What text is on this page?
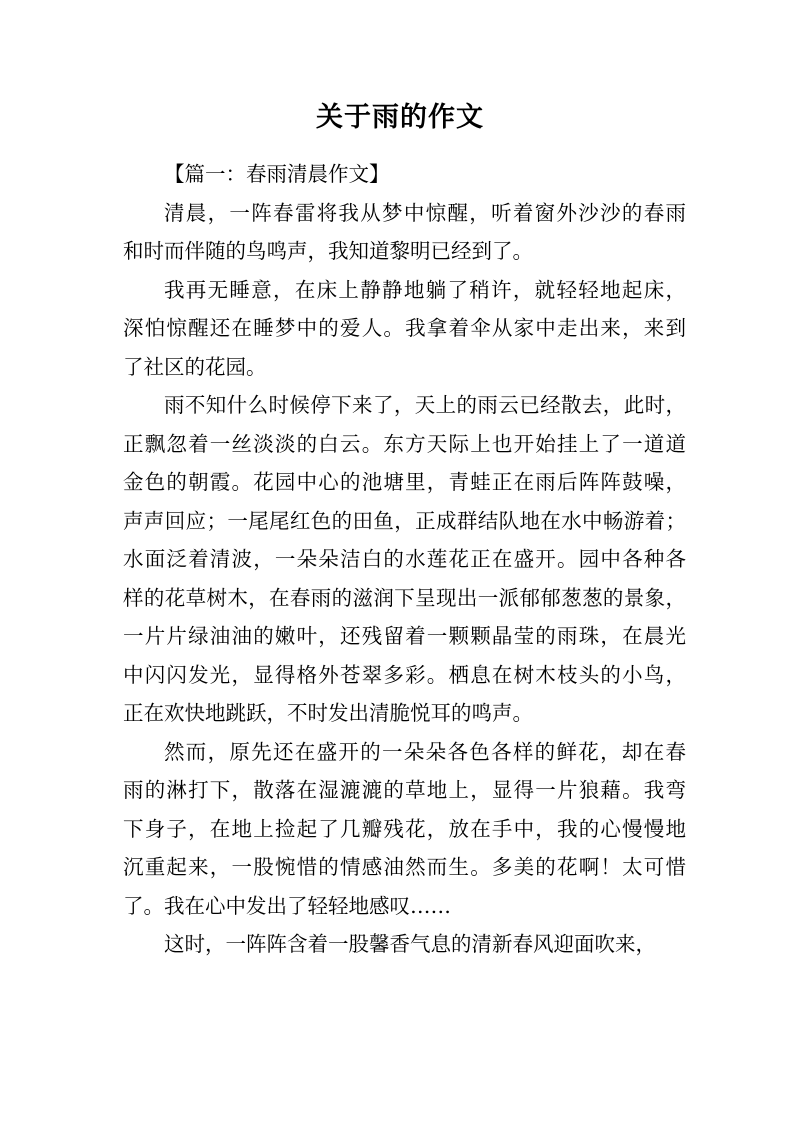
关于雨的作文

【篇一：春雨清晨作文】

清晨，一阵春雷将我从梦中惊醒，听着窗外沙沙的春雨
和时而伴随的鸟鸣声，我知道黎明已经到了。

我再无睡意，在床上静静地躺了稍许，就轻轻地起床，
深怕惊醒还在睡梦中的爱人。我拿着伞从家中走出来，来到
了社区的花园。

雨不知什么时候停下来了，天上的雨云已经散去，此时，
正飘忽着一丝淡淡的白云。东方天际上也开始挂上了一道道
金色的朝霞。花园中心的池塘里，青蛙正在雨后阵阵鼓噪，
声声回应；一尾尾红色的田鱼，正成群结队地在水中畅游着；
水面泛着清波，一朵朵洁白的水莲花正在盛开。园中各种各
样的花草树木，在春雨的滋润下呈现出一派郁郁葱葱的景象，
一片片绿油油的嫩叶，还残留着一颗颗晶莹的雨珠，在晨光
中闪闪发光，显得格外苍翠多彩。栖息在树木枝头的小鸟，
正在欢快地跳跃，不时发出清脆悦耳的鸣声。

然而，原先还在盛开的一朵朵各色各样的鲜花，却在春
雨的淋打下，散落在湿漉漉的草地上，显得一片狼藉。我弯
下身子，在地上捡起了几瓣残花，放在手中，我的心慢慢地
沉重起来，一股惋惜的情感油然而生。多美的花啊！太可惜
了。我在心中发出了轻轻地感叹……

这时，一阵阵含着一股馨香气息的清新春风迎面吹来，
